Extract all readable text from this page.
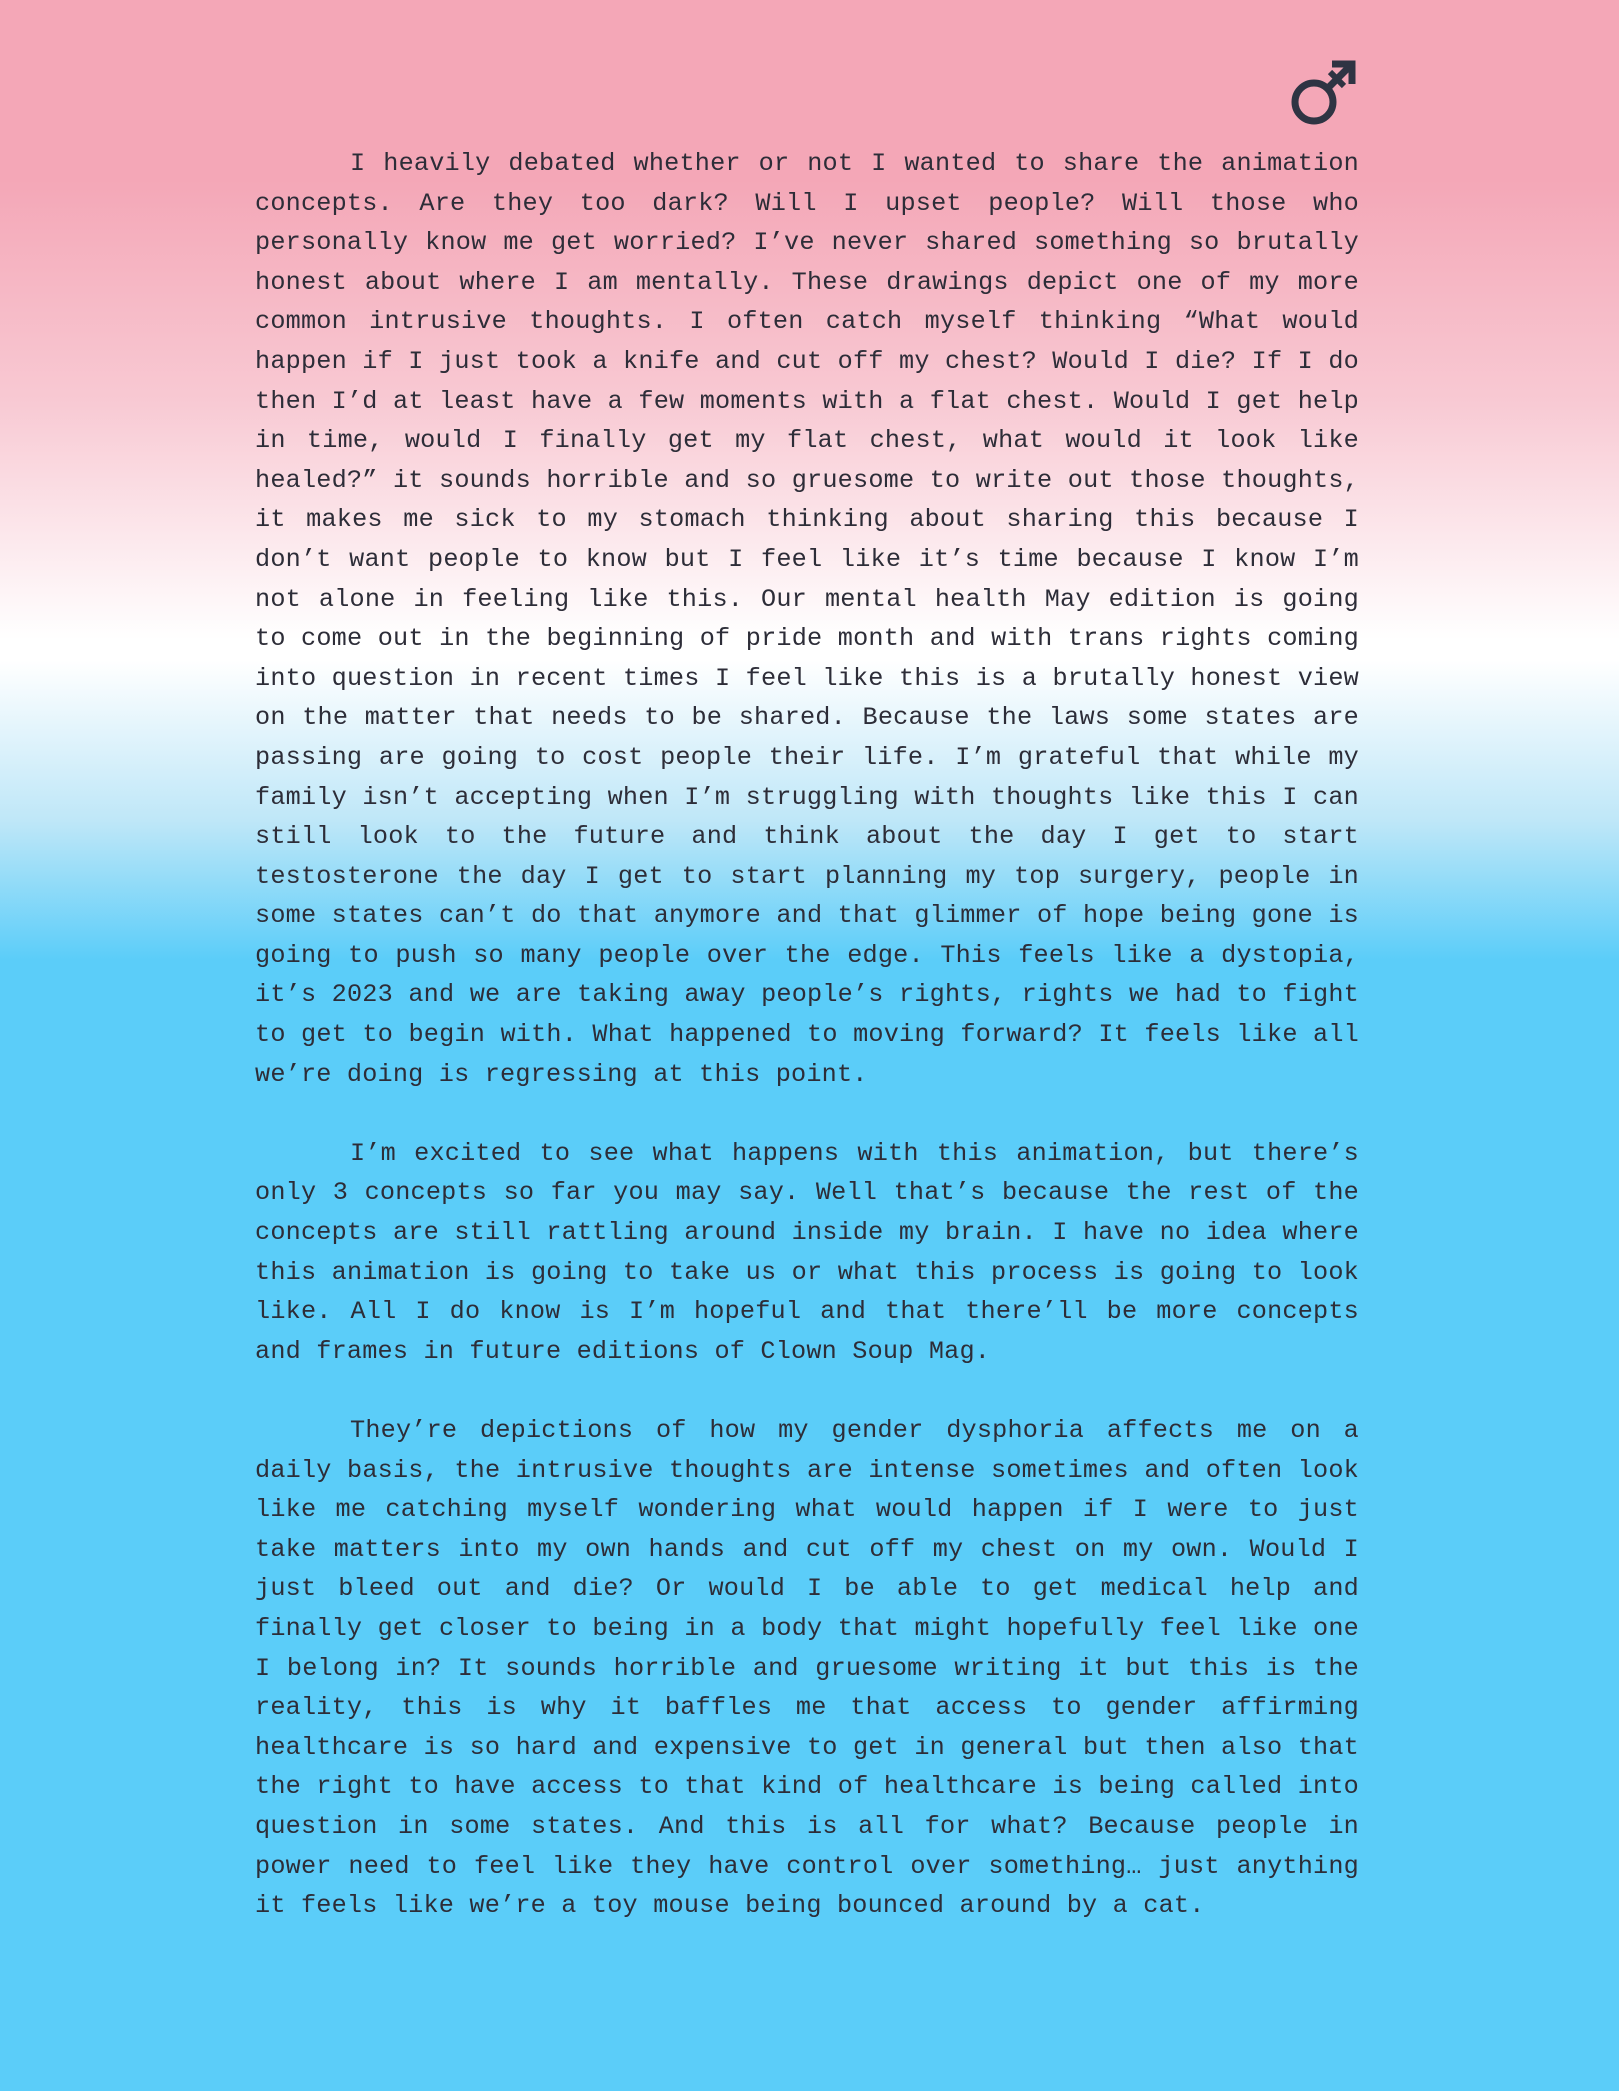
I heavily debated whether or not I wanted to share the animation concepts. Are they too dark? Will I upset people? Will those who personally know me get worried? I’ve never shared something so brutally honest about where I am mentally. These drawings depict one of my more common intrusive thoughts. I often catch myself thinking “What would happen if I just took a knife and cut off my chest? Would I die? If I do then I’d at least have a few moments with a flat chest. Would I get help in time, would I finally get my flat chest, what would it look like healed?” it sounds horrible and so gruesome to write out those thoughts, it makes me sick to my stomach thinking about sharing this because I don’t want people to know but I feel like it’s time because I know I’m not alone in feeling like this. Our mental health May edition is going to come out in the beginning of pride month and with trans rights coming into question in recent times I feel like this is a brutally honest view on the matter that needs to be shared. Because the laws some states are passing are going to cost people their life. I’m grateful that while my family isn’t accepting when I’m struggling with thoughts like this I can still look to the future and think about the day I get to start testosterone the day I get to start planning my top surgery, people in some states can’t do that anymore and that glimmer of hope being gone is going to push so many people over the edge. This feels like a dystopia, it’s 2023 and we are taking away people’s rights, rights we had to fight to get to begin with. What happened to moving forward? It feels like all we’re doing is regressing at this point.

I’m excited to see what happens with this animation, but there’s only 3 concepts so far you may say. Well that’s because the rest of the concepts are still rattling around inside my brain. I have no idea where this animation is going to take us or what this process is going to look like. All I do know is I’m hopeful and that there’ll be more concepts and frames in future editions of Clown Soup Mag.

They’re depictions of how my gender dysphoria affects me on a daily basis, the intrusive thoughts are intense sometimes and often look like me catching myself wondering what would happen if I were to just take matters into my own hands and cut off my chest on my own. Would I just bleed out and die? Or would I be able to get medical help and finally get closer to being in a body that might hopefully feel like one I belong in? It sounds horrible and gruesome writing it but this is the reality, this is why it baffles me that access to gender affirming healthcare is so hard and expensive to get in general but then also that the right to have access to that kind of healthcare is being called into question in some states. And this is all for what? Because people in power need to feel like they have control over something… just anything it feels like we’re a toy mouse being bounced around by a cat.
